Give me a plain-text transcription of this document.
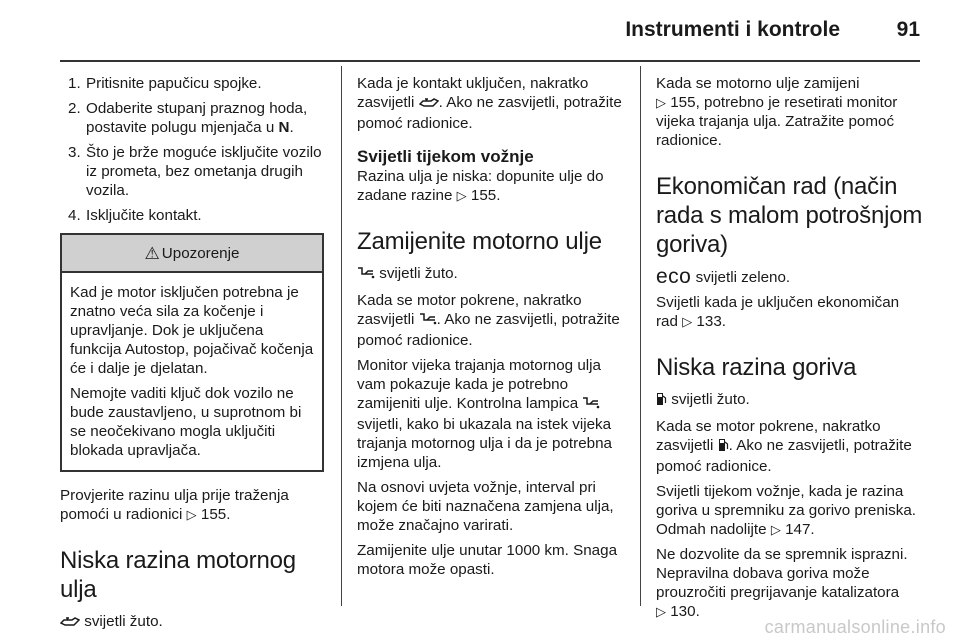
Instrumenti i kontrole	91
1. Pritisnite papučicu spojke.
2. Odaberite stupanj praznog hoda, postavite polugu mjenjača u N.
3. Što je brže moguće isključite vozilo iz prometa, bez ometanja drugih vozila.
4. Isključite kontakt.
⚠ Upozorenje

Kad je motor isključen potrebna je znatno veća sila za kočenje i upravljanje. Dok je uključena funkcija Autostop, pojačivač kočenja će i dalje je djelatan.

Nemojte vaditi ključ dok vozilo ne bude zaustavljeno, u suprotnom bi se neočekivano mogla uključiti blokada upravljača.

Provjerite razinu ulja prije traženja pomoći u radionici ▷ 155.

Niska razina motornog ulja

svijetli žuto.

Kada je kontakt uključen, nakratko zasvijetli . Ako ne zasvijetli, potražite pomoć radionice.

Svijetli tijekom vožnje

Razina ulja je niska: dopunite ulje do zadane razine ▷ 155.

Zamijenite motorno ulje

svijetli žuto.

Kada se motor pokrene, nakratko zasvijetli . Ako ne zasvijetli, potražite pomoć radionice.

Monitor vijeka trajanja motornog ulja vam pokazuje kada je potrebno zamijeniti ulje. Kontrolna lampica  svijetli, kako bi ukazala na istek vijeka trajanja motornog ulja i da je potrebna izmjena ulja.

Na osnovi uvjeta vožnje, interval pri kojem će biti naznačena zamjena ulja, može značajno varirati.

Zamijenite ulje unutar 1000 km. Snaga motora može opasti.

Kada se motorno ulje zamijeni
▷ 155, potrebno je resetirati monitor vijeka trajanja ulja. Zatražite pomoć radionice.

Ekonomičan rad (način rada s malom potrošnjom goriva)

eco svijetli zeleno.

Svijetli kada je uključen ekonomičan rad ▷ 133.

Niska razina goriva

svijetli žuto.

Kada se motor pokrene, nakratko zasvijetli . Ako ne zasvijetli, potražite pomoć radionice.

Svijetli tijekom vožnje, kada je razina goriva u spremniku za gorivo preniska. Odmah nadolijte ▷ 147.

Ne dozvolite da se spremnik isprazni. Nepravilna dobava goriva može prouzročiti pregrijavanje katalizatora
▷ 130.

carmanualsonline.info
